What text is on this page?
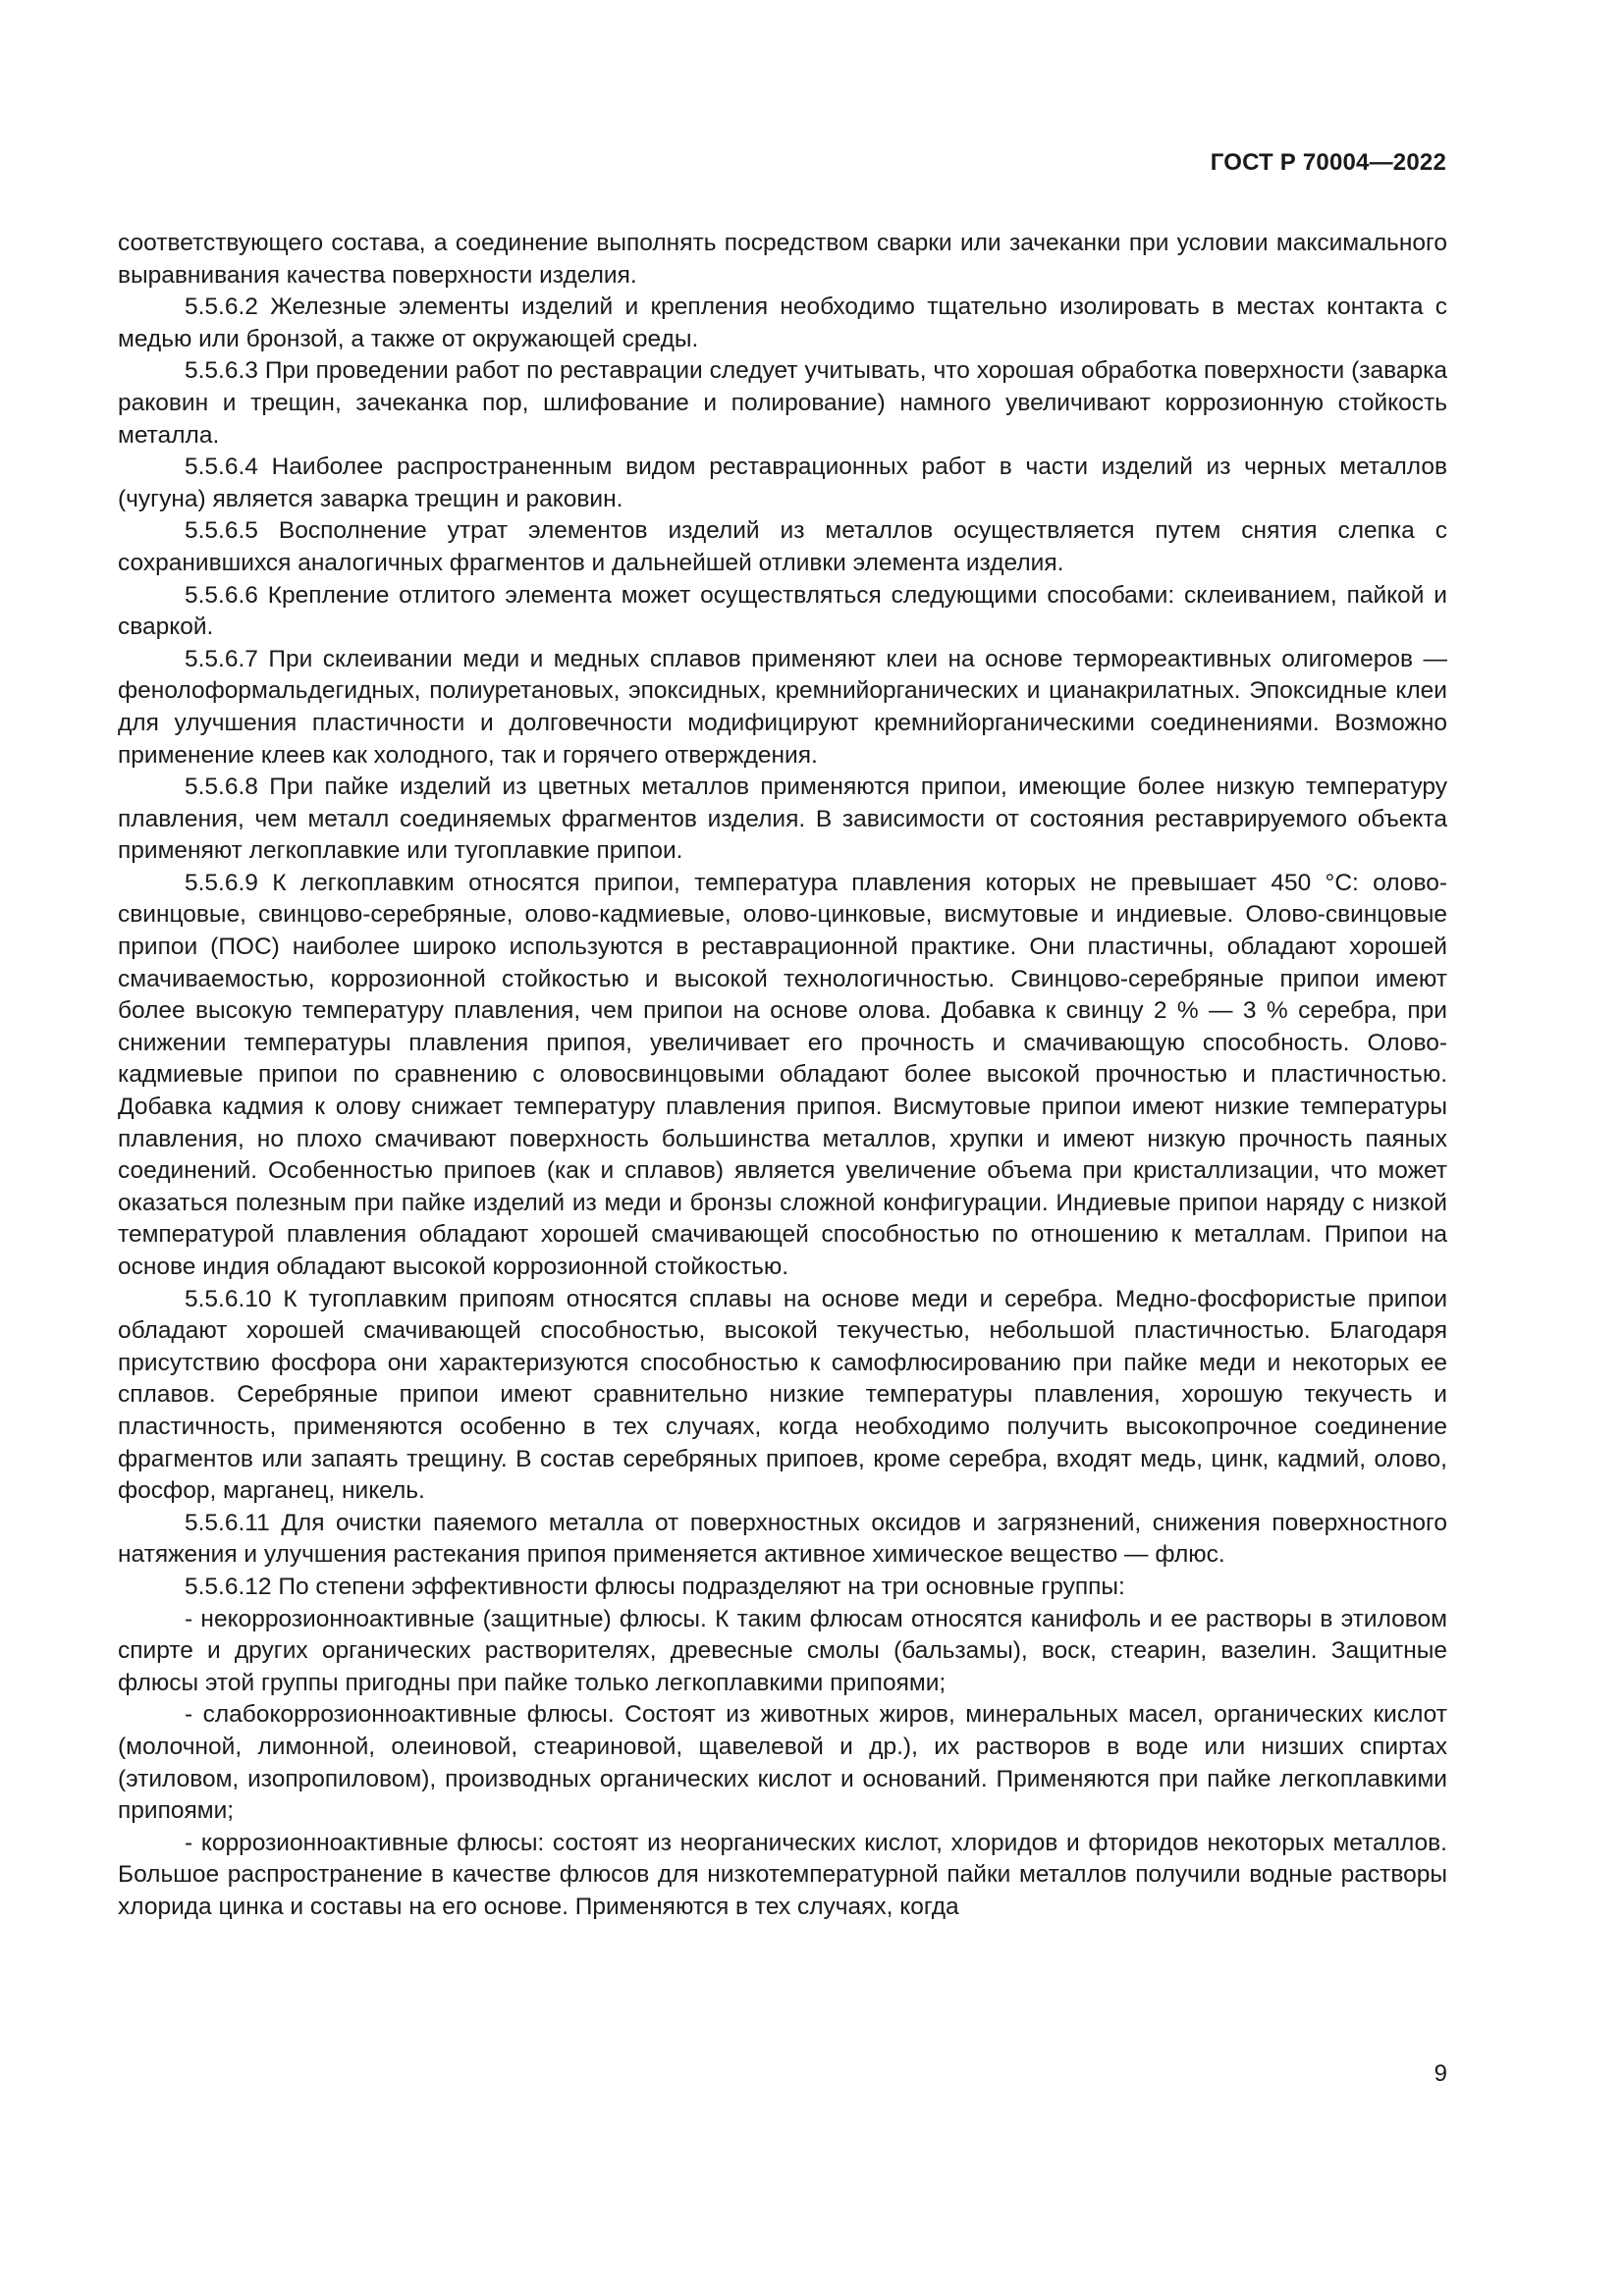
ГОСТ Р 70004—2022

соответствующего состава, а соединение выполнять посредством сварки или зачеканки при условии максимального выравнивания качества поверхности изделия.

5.5.6.2 Железные элементы изделий и крепления необходимо тщательно изолировать в местах контакта с медью или бронзой, а также от окружающей среды.

5.5.6.3 При проведении работ по реставрации следует учитывать, что хорошая обработка поверхности (заварка раковин и трещин, зачеканка пор, шлифование и полирование) намного увеличивают коррозионную стойкость металла.

5.5.6.4 Наиболее распространенным видом реставрационных работ в части изделий из черных металлов (чугуна) является заварка трещин и раковин.

5.5.6.5 Восполнение утрат элементов изделий из металлов осуществляется путем снятия слепка с сохранившихся аналогичных фрагментов и дальнейшей отливки элемента изделия.

5.5.6.6 Крепление отлитого элемента может осуществляться следующими способами: склеиванием, пайкой и сваркой.

5.5.6.7 При склеивании меди и медных сплавов применяют клеи на основе термореактивных олигомеров — фенолоформальдегидных, полиуретановых, эпоксидных, кремнийорганических и цианакрилатных. Эпоксидные клеи для улучшения пластичности и долговечности модифицируют кремнийорганическими соединениями. Возможно применение клеев как холодного, так и горячего отверждения.

5.5.6.8 При пайке изделий из цветных металлов применяются припои, имеющие более низкую температуру плавления, чем металл соединяемых фрагментов изделия. В зависимости от состояния реставрируемого объекта применяют легкоплавкие или тугоплавкие припои.

5.5.6.9 К легкоплавким относятся припои, температура плавления которых не превышает 450 °C: олово-свинцовые, свинцово-серебряные, олово-кадмиевые, олово-цинковые, висмутовые и индиевые. Олово-свинцовые припои (ПОС) наиболее широко используются в реставрационной практике. Они пластичны, обладают хорошей смачиваемостью, коррозионной стойкостью и высокой технологичностью. Свинцово-серебряные припои имеют более высокую температуру плавления, чем припои на основе олова. Добавка к свинцу 2 % — 3 % серебра, при снижении температуры плавления припоя, увеличивает его прочность и смачивающую способность. Олово-кадмиевые припои по сравнению с оловосвинцовыми обладают более высокой прочностью и пластичностью. Добавка кадмия к олову снижает температуру плавления припоя. Висмутовые припои имеют низкие температуры плавления, но плохо смачивают поверхность большинства металлов, хрупки и имеют низкую прочность паяных соединений. Особенностью припоев (как и сплавов) является увеличение объема при кристаллизации, что может оказаться полезным при пайке изделий из меди и бронзы сложной конфигурации. Индиевые припои наряду с низкой температурой плавления обладают хорошей смачивающей способностью по отношению к металлам. Припои на основе индия обладают высокой коррозионной стойкостью.

5.5.6.10 К тугоплавким припоям относятся сплавы на основе меди и серебра. Медно-фосфористые припои обладают хорошей смачивающей способностью, высокой текучестью, небольшой пластичностью. Благодаря присутствию фосфора они характеризуются способностью к самофлюсированию при пайке меди и некоторых ее сплавов. Серебряные припои имеют сравнительно низкие температуры плавления, хорошую текучесть и пластичность, применяются особенно в тех случаях, когда необходимо получить высокопрочное соединение фрагментов или запаять трещину. В состав серебряных припоев, кроме серебра, входят медь, цинк, кадмий, олово, фосфор, марганец, никель.

5.5.6.11 Для очистки паяемого металла от поверхностных оксидов и загрязнений, снижения поверхностного натяжения и улучшения растекания припоя применяется активное химическое вещество — флюс.

5.5.6.12 По степени эффективности флюсы подразделяют на три основные группы:

- некоррозионноактивные (защитные) флюсы. К таким флюсам относятся канифоль и ее растворы в этиловом спирте и других органических растворителях, древесные смолы (бальзамы), воск, стеарин, вазелин. Защитные флюсы этой группы пригодны при пайке только легкоплавкими припоями;

- слабокоррозионноактивные флюсы. Состоят из животных жиров, минеральных масел, органических кислот (молочной, лимонной, олеиновой, стеариновой, щавелевой и др.), их растворов в воде или низших спиртах (этиловом, изопропиловом), производных органических кислот и оснований. Применяются при пайке легкоплавкими припоями;

- коррозионноактивные флюсы: состоят из неорганических кислот, хлоридов и фторидов некоторых металлов. Большое распространение в качестве флюсов для низкотемпературной пайки металлов получили водные растворы хлорида цинка и составы на его основе. Применяются в тех случаях, когда

9
